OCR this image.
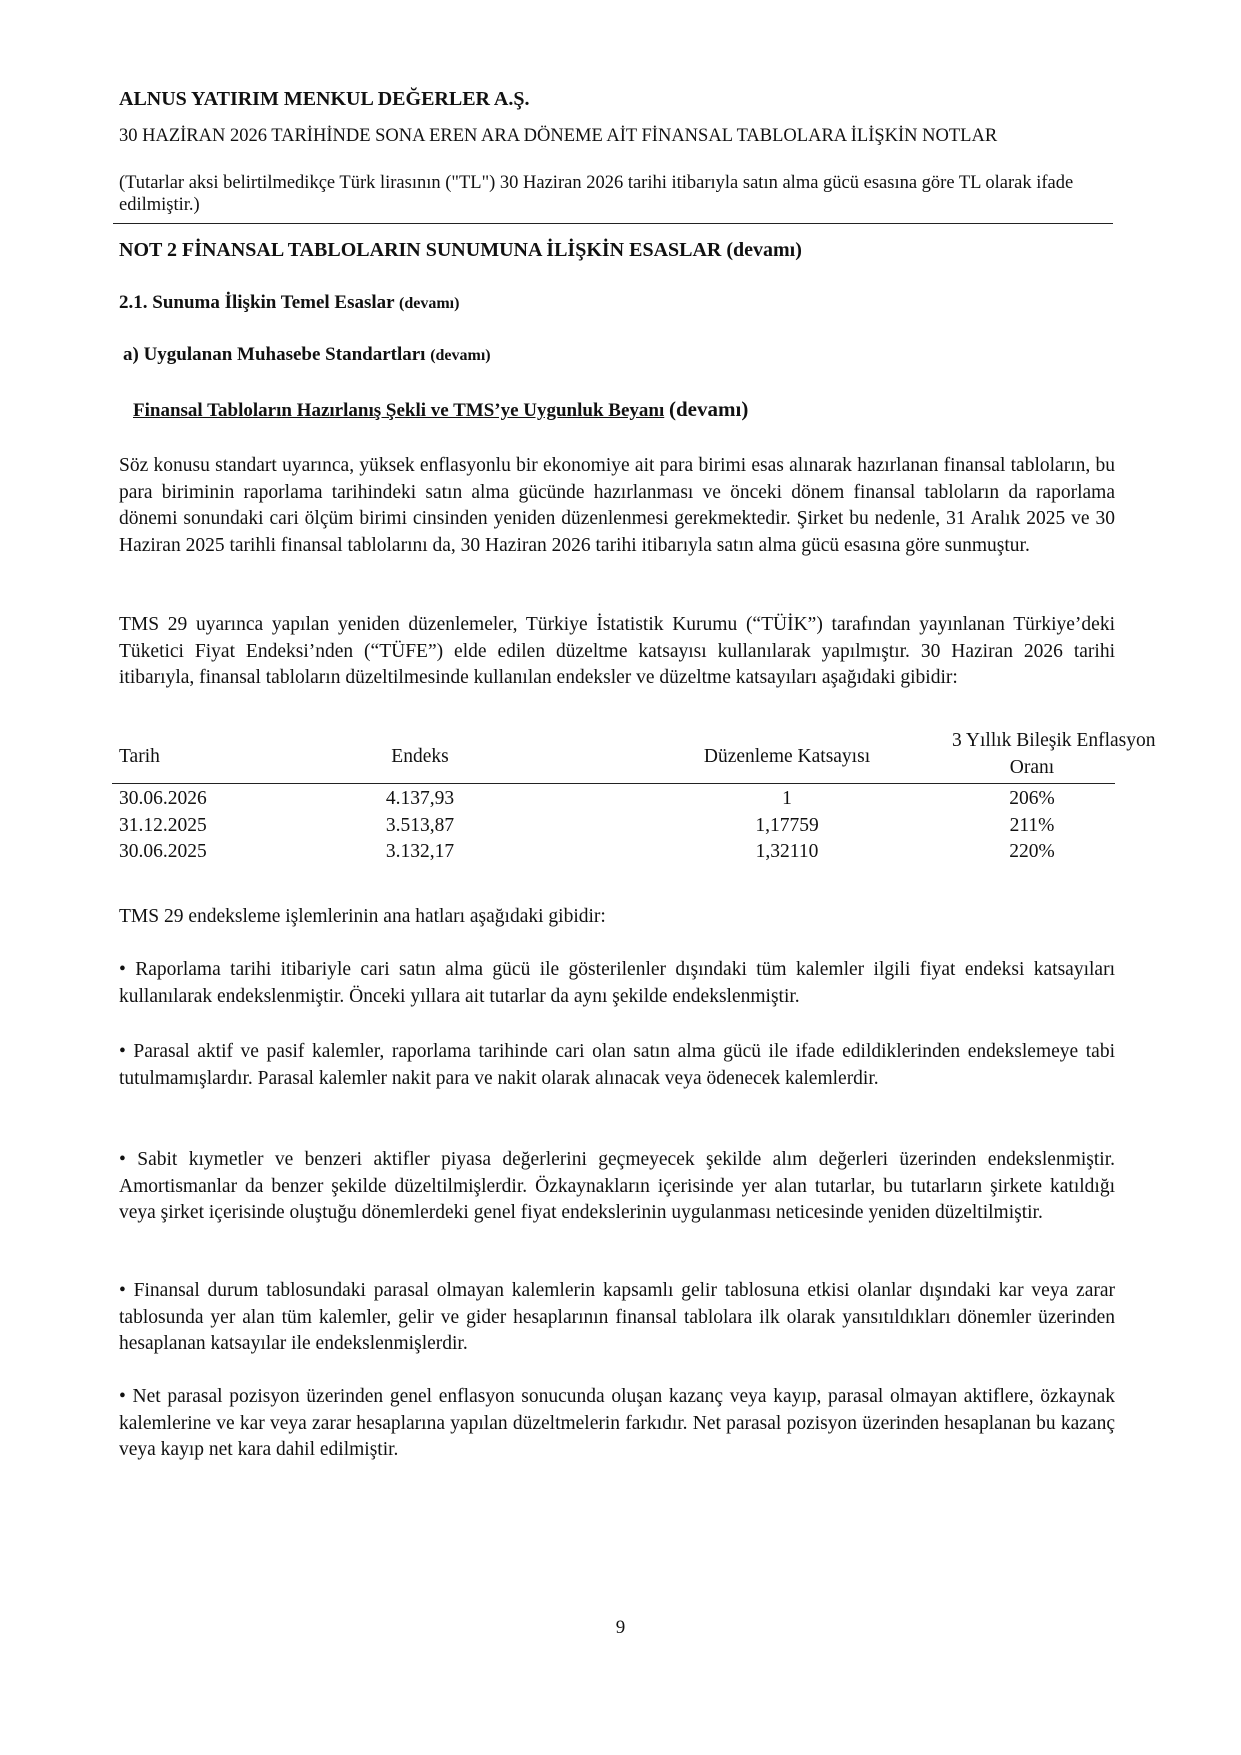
ALNUS YATIRIM MENKUL DEĞERLER A.Ş.
30 HAZİRAN 2026 TARİHİNDE SONA EREN ARA DÖNEME AİT FİNANSAL TABLOLARA İLİŞKİN NOTLAR
(Tutarlar aksi belirtilmedikçe Türk lirasının ("TL") 30 Haziran 2026 tarihi itibarıyla satın alma gücü esasına göre TL olarak ifade edilmiştir.)
NOT 2 FİNANSAL TABLOLARIN SUNUMUNA İLİŞKİN ESASLAR (devamı)
2.1. Sunuma İlişkin Temel Esaslar (devamı)
a) Uygulanan Muhasebe Standartları (devamı)
Finansal Tabloların Hazırlanış Şekli ve TMS’ye Uygunluk Beyanı (devamı)

Söz konusu standart uyarınca, yüksek enflasyonlu bir ekonomiye ait para birimi esas alınarak hazırlanan finansal tabloların, bu para biriminin raporlama tarihindeki satın alma gücünde hazırlanması ve önceki dönem finansal tabloların da raporlama dönemi sonundaki cari ölçüm birimi cinsinden yeniden düzenlenmesi gerekmektedir. Şirket bu nedenle, 31 Aralık 2025 ve 30 Haziran 2025 tarihli finansal tablolarını da, 30 Haziran 2026 tarihi itibarıyla satın alma gücü esasına göre sunmuştur.

TMS 29 uyarınca yapılan yeniden düzenlemeler, Türkiye İstatistik Kurumu (“TÜİK”) tarafından yayınlanan Türkiye’deki Tüketici Fiyat Endeksi’nden (“TÜFE”) elde edilen düzeltme katsayısı kullanılarak yapılmıştır. 30 Haziran 2026 tarihi itibarıyla, finansal tabloların düzeltilmesinde kullanılan endeksler ve düzeltme katsayıları aşağıdaki gibidir:

Tarih	Endeks	Düzenleme Katsayısı
3 Yıllık Bileşik Enflasyon
Oranı
30.06.2026	4.137,93	1	206%
31.12.2025	3.513,87	1,17759	211%
30.06.2025	3.132,17	1,32110	220%

TMS 29 endeksleme işlemlerinin ana hatları aşağıdaki gibidir:

• Raporlama tarihi itibariyle cari satın alma gücü ile gösterilenler dışındaki tüm kalemler ilgili fiyat endeksi katsayıları kullanılarak endekslenmiştir. Önceki yıllara ait tutarlar da aynı şekilde endekslenmiştir.

• Parasal aktif ve pasif kalemler, raporlama tarihinde cari olan satın alma gücü ile ifade edildiklerinden endekslemeye tabi tutulmamışlardır. Parasal kalemler nakit para ve nakit olarak alınacak veya ödenecek kalemlerdir.

• Sabit kıymetler ve benzeri aktifler piyasa değerlerini geçmeyecek şekilde alım değerleri üzerinden endekslenmiştir. Amortismanlar da benzer şekilde düzeltilmişlerdir. Özkaynakların içerisinde yer alan tutarlar, bu tutarların şirkete katıldığı veya şirket içerisinde oluştuğu dönemlerdeki genel fiyat endekslerinin uygulanması neticesinde yeniden düzeltilmiştir.

• Finansal durum tablosundaki parasal olmayan kalemlerin kapsamlı gelir tablosuna etkisi olanlar dışındaki kar veya zarar tablosunda yer alan tüm kalemler, gelir ve gider hesaplarının finansal tablolara ilk olarak yansıtıldıkları dönemler üzerinden hesaplanan katsayılar ile endekslenmişlerdir.

• Net parasal pozisyon üzerinden genel enflasyon sonucunda oluşan kazanç veya kayıp, parasal olmayan aktiflere, özkaynak kalemlerine ve kar veya zarar hesaplarına yapılan düzeltmelerin farkıdır. Net parasal pozisyon üzerinden hesaplanan bu kazanç veya kayıp net kara dahil edilmiştir.

9
